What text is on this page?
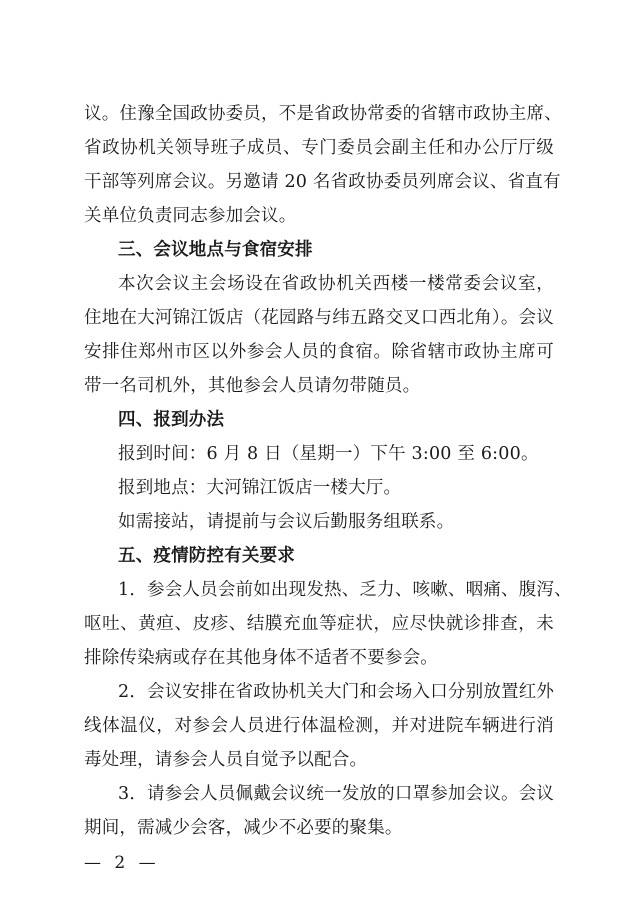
议。住豫全国政协委员，不是省政协常委的省辖市政协主席、
省政协机关领导班子成员、专门委员会副主任和办公厅厅级
干部等列席会议。另邀请 20 名省政协委员列席会议、省直有
关单位负责同志参加会议。
三、会议地点与食宿安排
本次会议主会场设在省政协机关西楼一楼常委会议室，
住地在大河锦江饭店（花园路与纬五路交叉口西北角）。会议
安排住郑州市区以外参会人员的食宿。除省辖市政协主席可
带一名司机外，其他参会人员请勿带随员。
四、报到办法
报到时间：6 月 8 日（星期一）下午 3:00 至 6:00。
报到地点：大河锦江饭店一楼大厅。
如需接站，请提前与会议后勤服务组联系。
五、疫情防控有关要求
1．参会人员会前如出现发热、乏力、咳嗽、咽痛、腹泻、
呕吐、黄疸、皮疹、结膜充血等症状，应尽快就诊排查，未
排除传染病或存在其他身体不适者不要参会。
2．会议安排在省政协机关大门和会场入口分别放置红外
线体温仪，对参会人员进行体温检测，并对进院车辆进行消
毒处理，请参会人员自觉予以配合。
3．请参会人员佩戴会议统一发放的口罩参加会议。会议
期间，需减少会客，减少不必要的聚集。
— 2 —
